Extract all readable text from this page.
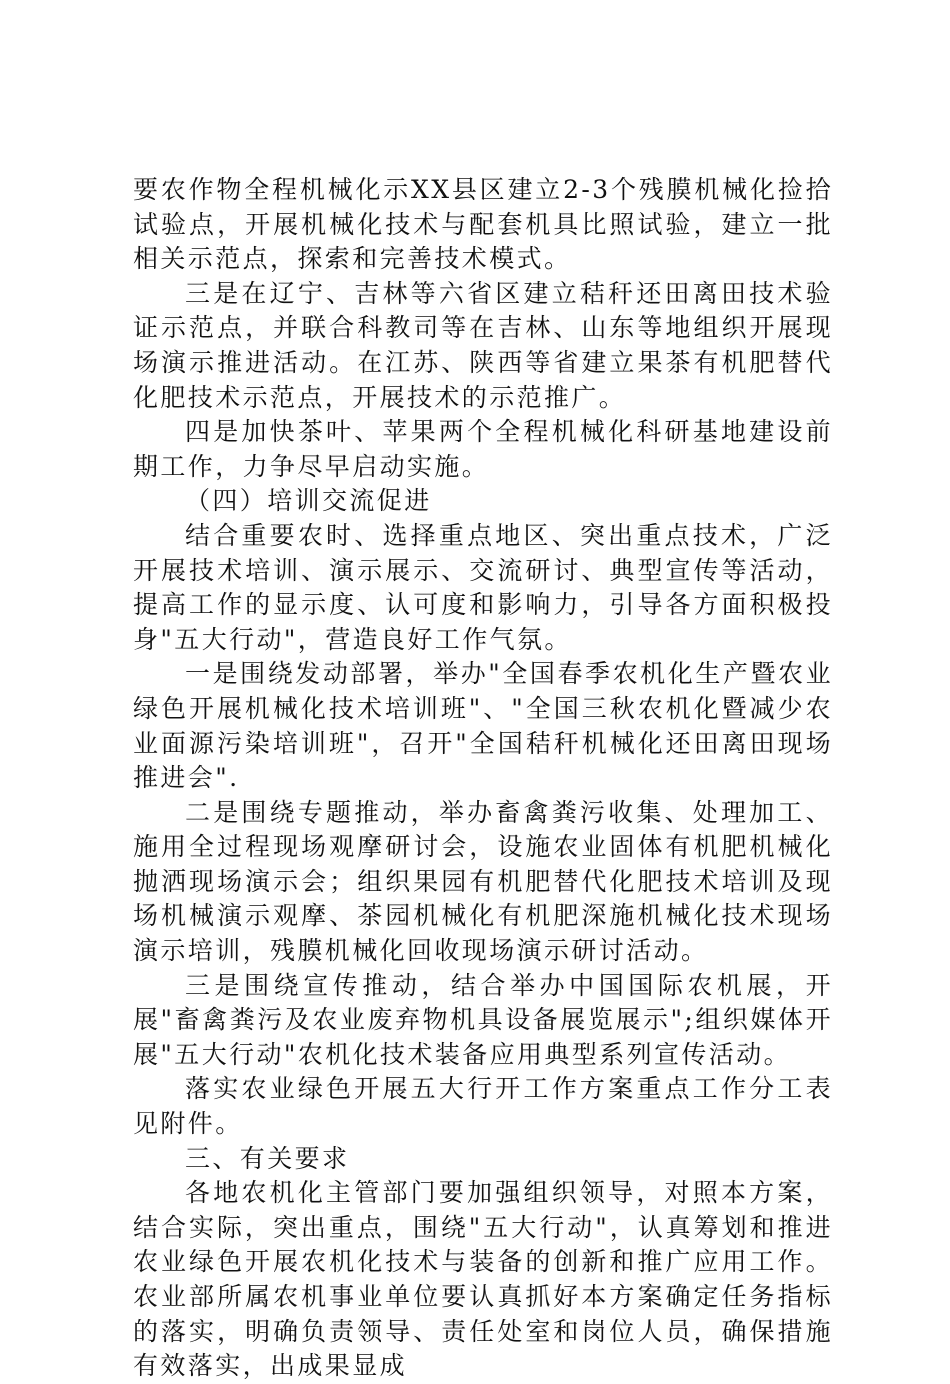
要农作物全程机械化示XX县区建立2-3个残膜机械化捡拾试验点，开展机械化技术与配套机具比照试验，建立一批相关示范点，探索和完善技术模式。

三是在辽宁、吉林等六省区建立秸秆还田离田技术验证示范点，并联合科教司等在吉林、山东等地组织开展现场演示推进活动。在江苏、陕西等省建立果茶有机肥替代化肥技术示范点，开展技术的示范推广。

四是加快茶叶、苹果两个全程机械化科研基地建设前期工作，力争尽早启动实施。

（四）培训交流促进

结合重要农时、选择重点地区、突出重点技术，广泛开展技术培训、演示展示、交流研讨、典型宣传等活动，提高工作的显示度、认可度和影响力，引导各方面积极投身"五大行动"，营造良好工作气氛。

一是围绕发动部署，举办"全国春季农机化生产暨农业绿色开展机械化技术培训班"、"全国三秋农机化暨减少农业面源污染培训班"，召开"全国秸秆机械化还田离田现场推进会".

二是围绕专题推动，举办畜禽粪污收集、处理加工、施用全过程现场观摩研讨会，设施农业固体有机肥机械化抛洒现场演示会；组织果园有机肥替代化肥技术培训及现场机械演示观摩、茶园机械化有机肥深施机械化技术现场演示培训，残膜机械化回收现场演示研讨活动。

三是围绕宣传推动，结合举办中国国际农机展，开展"畜禽粪污及农业废弃物机具设备展览展示";组织媒体开展"五大行动"农机化技术装备应用典型系列宣传活动。

落实农业绿色开展五大行开工作方案重点工作分工表见附件。

三、有关要求

各地农机化主管部门要加强组织领导，对照本方案，结合实际，突出重点，围绕"五大行动"，认真筹划和推进农业绿色开展农机化技术与装备的创新和推广应用工作。农业部所属农机事业单位要认真抓好本方案确定任务指标的落实，明确负责领导、责任处室和岗位人员，确保措施有效落实，出成果显成
